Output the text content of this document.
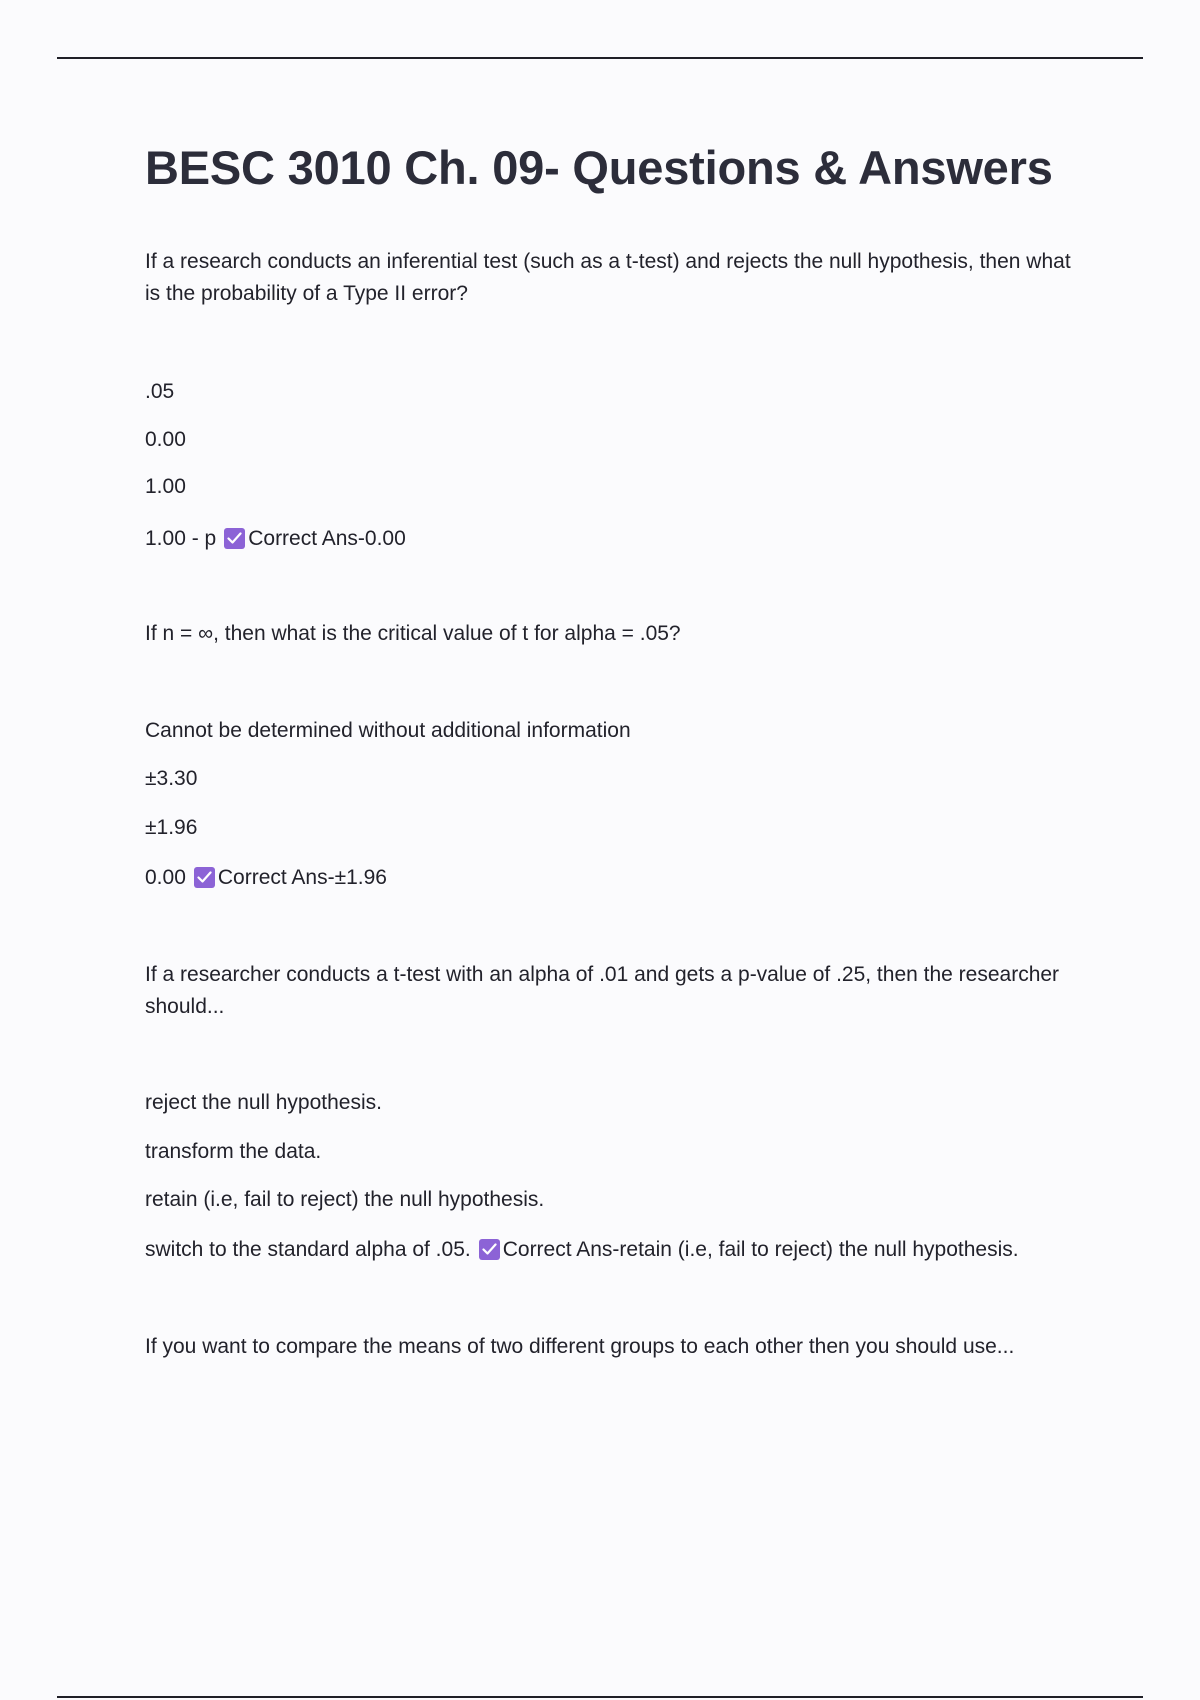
BESC 3010 Ch. 09- Questions & Answers

If a research conducts an inferential test (such as a t-test) and rejects the null hypothesis, then what is the probability of a Type II error?

.05

0.00

1.00

1.00 - p Correct Ans-0.00

If n = ∞, then what is the critical value of t for alpha = .05?

Cannot be determined without additional information

±3.30

±1.96

0.00 Correct Ans-±1.96

If a researcher conducts a t-test with an alpha of .01 and gets a p-value of .25, then the researcher should...

reject the null hypothesis.

transform the data.

retain (i.e, fail to reject) the null hypothesis.

switch to the standard alpha of .05. Correct Ans-retain (i.e, fail to reject) the null hypothesis.

If you want to compare the means of two different groups to each other then you should use...
